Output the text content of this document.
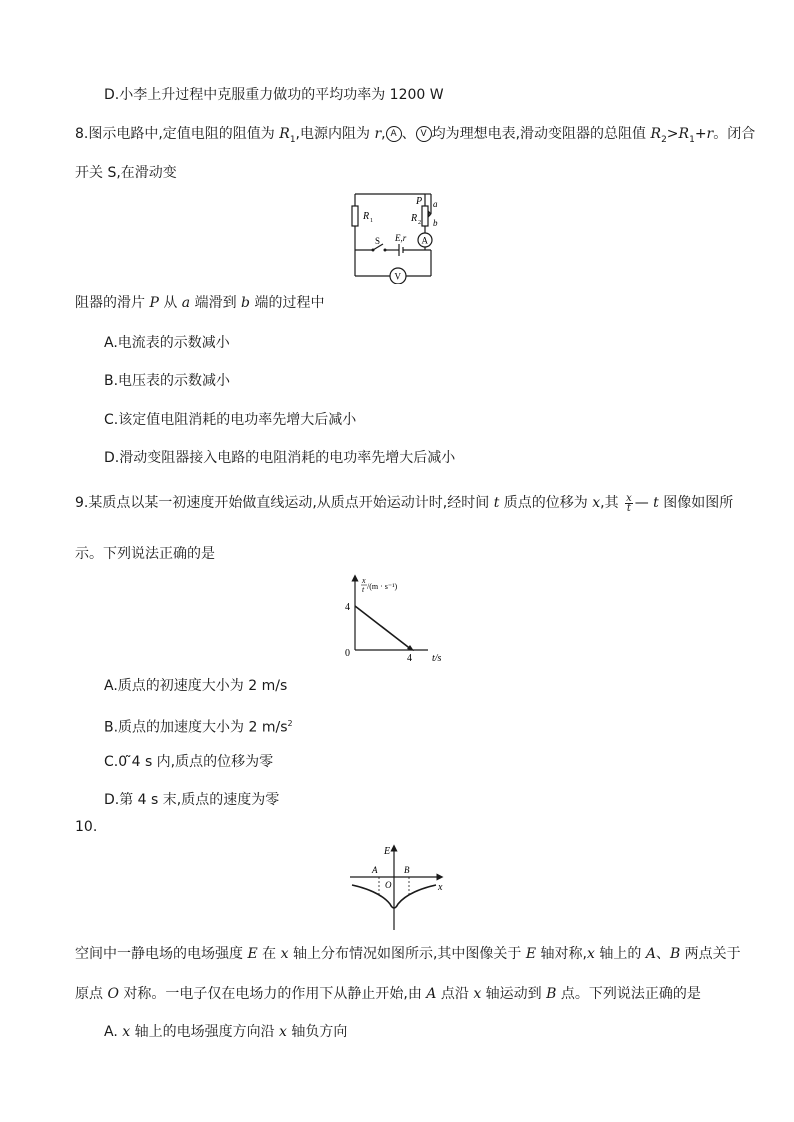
D.小李上升过程中克服重力做功的平均功率为 1200 W
8.图示电路中,定值电阻的阻值为 $R_1$,电源内阻为 r, A 、 V 均为理想电表,滑动变阻器的总阻值 $R_2>R_1+r$。闭合
开关 S,在滑动变
R 1	R 2
P a
b
A
V
S E,r
阻器的滑片 P 从 a 端滑到 b 端的过程中
A.电流表的示数减小
B.电压表的示数减小
C.该定值电阻消耗的电功率先增大后减小
D.滑动变阻器接入电路的电阻消耗的电功率先增大后减小
9.某质点以某一初速度开始做直线运动,从质点开始运动计时,经时间 t 质点的位移为 x,其 $\frac{x}{t}$ — t 图像如图所
示。下列说法正确的是
x
t /(m · s⁻¹)
4
0	4 t/s
A.质点的初速度大小为 2 m/s
B.质点的加速度大小为 2 $m/s^2$
C.0 ̃4 s 内,质点的位移为零
D.第 4 s 末,质点的速度为零
10.
E
x
A
O
B
空间中一静电场的电场强度 E 在 x 轴上分布情况如图所示,其中图像关于 E 轴对称,x 轴上的 A、B 两点关于
原点 O 对称。一电子仅在电场力的作用下从静止开始,由 A 点沿 x 轴运动到 B 点。下列说法正确的是
A. x 轴上的电场强度方向沿 x 轴负方向
